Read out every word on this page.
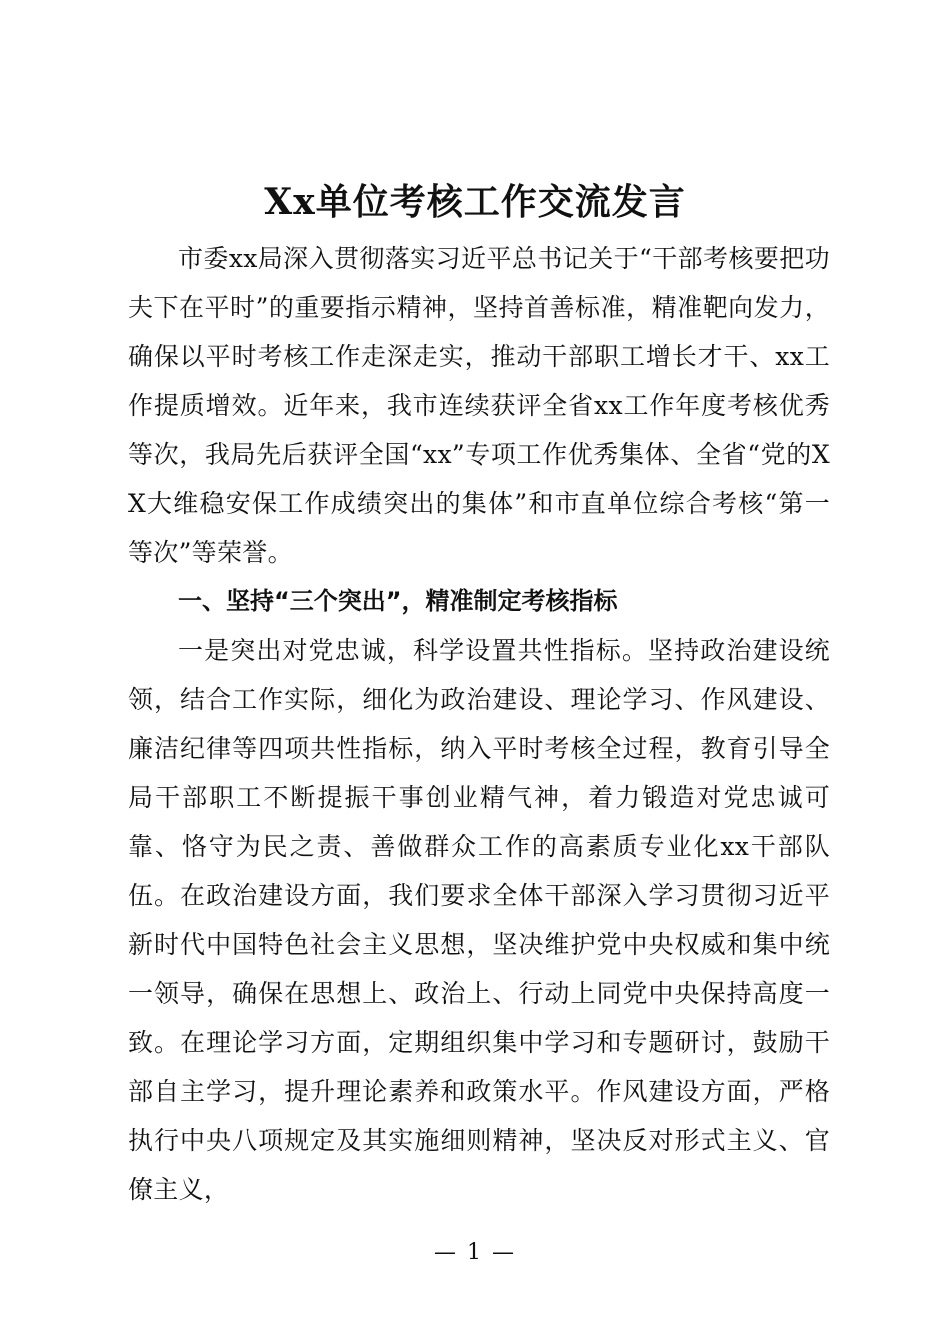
Xx单位考核工作交流发言

市委xx局深入贯彻落实习近平总书记关于“干部考核要把功夫下在平时”的重要指示精神，坚持首善标准，精准靶向发力，确保以平时考核工作走深走实，推动干部职工增长才干、xx工作提质增效。近年来，我市连续获评全省xx工作年度考核优秀等次，我局先后获评全国“xx”专项工作优秀集体、全省“党的XX大维稳安保工作成绩突出的集体”和市直单位综合考核“第一等次”等荣誉。

一、坚持“三个突出”，精准制定考核指标

一是突出对党忠诚，科学设置共性指标。坚持政治建设统领，结合工作实际，细化为政治建设、理论学习、作风建设、廉洁纪律等四项共性指标，纳入平时考核全过程，教育引导全局干部职工不断提振干事创业精气神，着力锻造对党忠诚可靠、恪守为民之责、善做群众工作的高素质专业化xx干部队伍。在政治建设方面，我们要求全体干部深入学习贯彻习近平新时代中国特色社会主义思想，坚决维护党中央权威和集中统一领导，确保在思想上、政治上、行动上同党中央保持高度一致。在理论学习方面，定期组织集中学习和专题研讨，鼓励干部自主学习，提升理论素养和政策水平。作风建设方面，严格执行中央八项规定及其实施细则精神，坚决反对形式主义、官僚主义，

— 1 —
